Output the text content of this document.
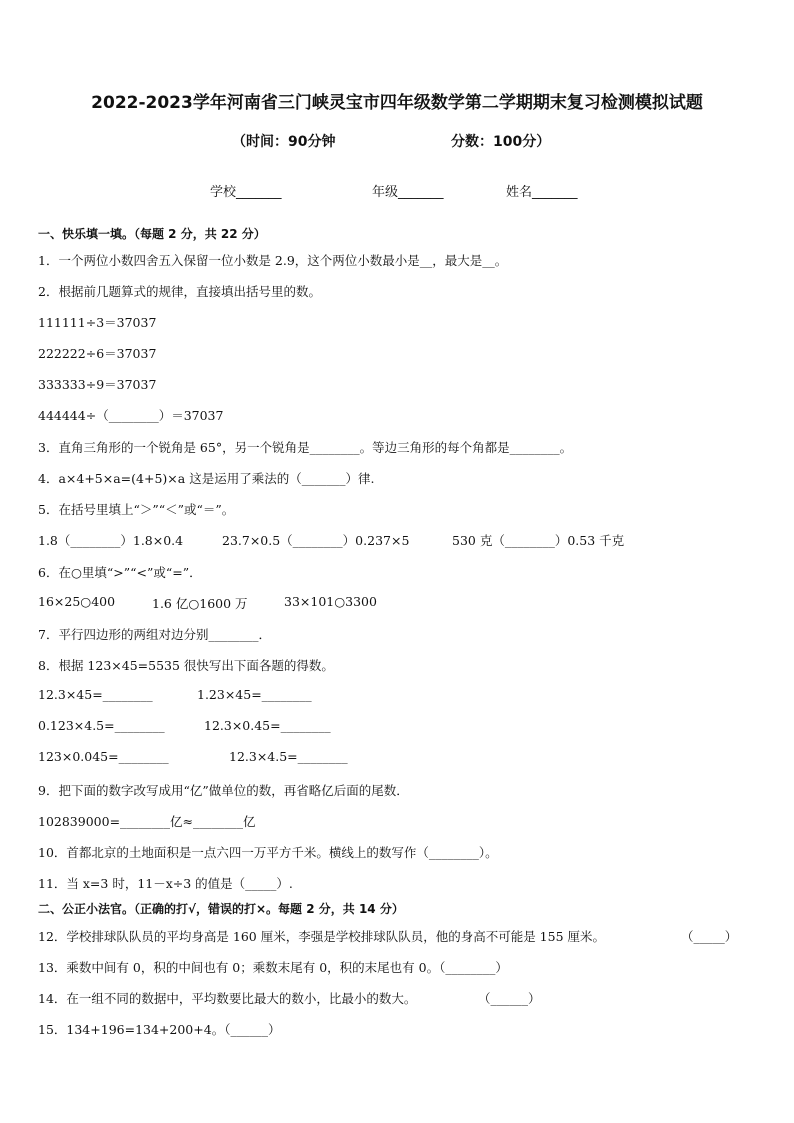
2022-2023学年河南省三门峡灵宝市四年级数学第二学期期末复习检测模拟试题
（时间：90分钟	分数：100分）
学校_______	年级_______	姓名_______
一、快乐填一填。（每题 2 分，共 22 分）
1．一个两位小数四舍五入保留一位小数是 2.9，这个两位小数最小是__，最大是__。
2．根据前几题算式的规律，直接填出括号里的数。
111111÷3＝37037
222222÷6＝37037
333333÷9＝37037
444444÷（________）＝37037
3．直角三角形的一个锐角是 65°，另一个锐角是________。等边三角形的每个角都是________。
4．a×4+5×a=(4+5)×a 这是运用了乘法的（_______）律.
5．在括号里填上“＞”“＜”或“＝”。
1.8（________）1.8×0.4	23.7×0.5（________）0.237×5	530 克（________）0.53 千克
6．在○里填“>”“<”或“=”．
16×25○400	1.6 亿○1600 万	33×101○3300
7．平行四边形的两组对边分别________．
8．根据 123×45=5535 很快写出下面各题的得数。
12.3×45=________	1.23×45=________
0.123×4.5=________	12.3×0.45=________
123×0.045=________	12.3×4.5=________
9．把下面的数字改写成用“亿”做单位的数，再省略亿后面的尾数．
102839000=________亿≈________亿
10．首都北京的土地面积是一点六四一万平方千米。横线上的数写作（________）。
11．当 x=3 时，11－x÷3 的值是（_____）.
二、公正小法官。（正确的打√，错误的打×。每题 2 分，共 14 分）
12．学校排球队队员的平均身高是 160 厘米，李强是学校排球队队员，他的身高不可能是 155 厘米。	（_____）
13．乘数中间有 0，积的中间也有 0；乘数末尾有 0，积的末尾也有 0。（________）
14．在一组不同的数据中，平均数要比最大的数小，比最小的数大。	（______）
15．134+196=134+200+4。（______）
